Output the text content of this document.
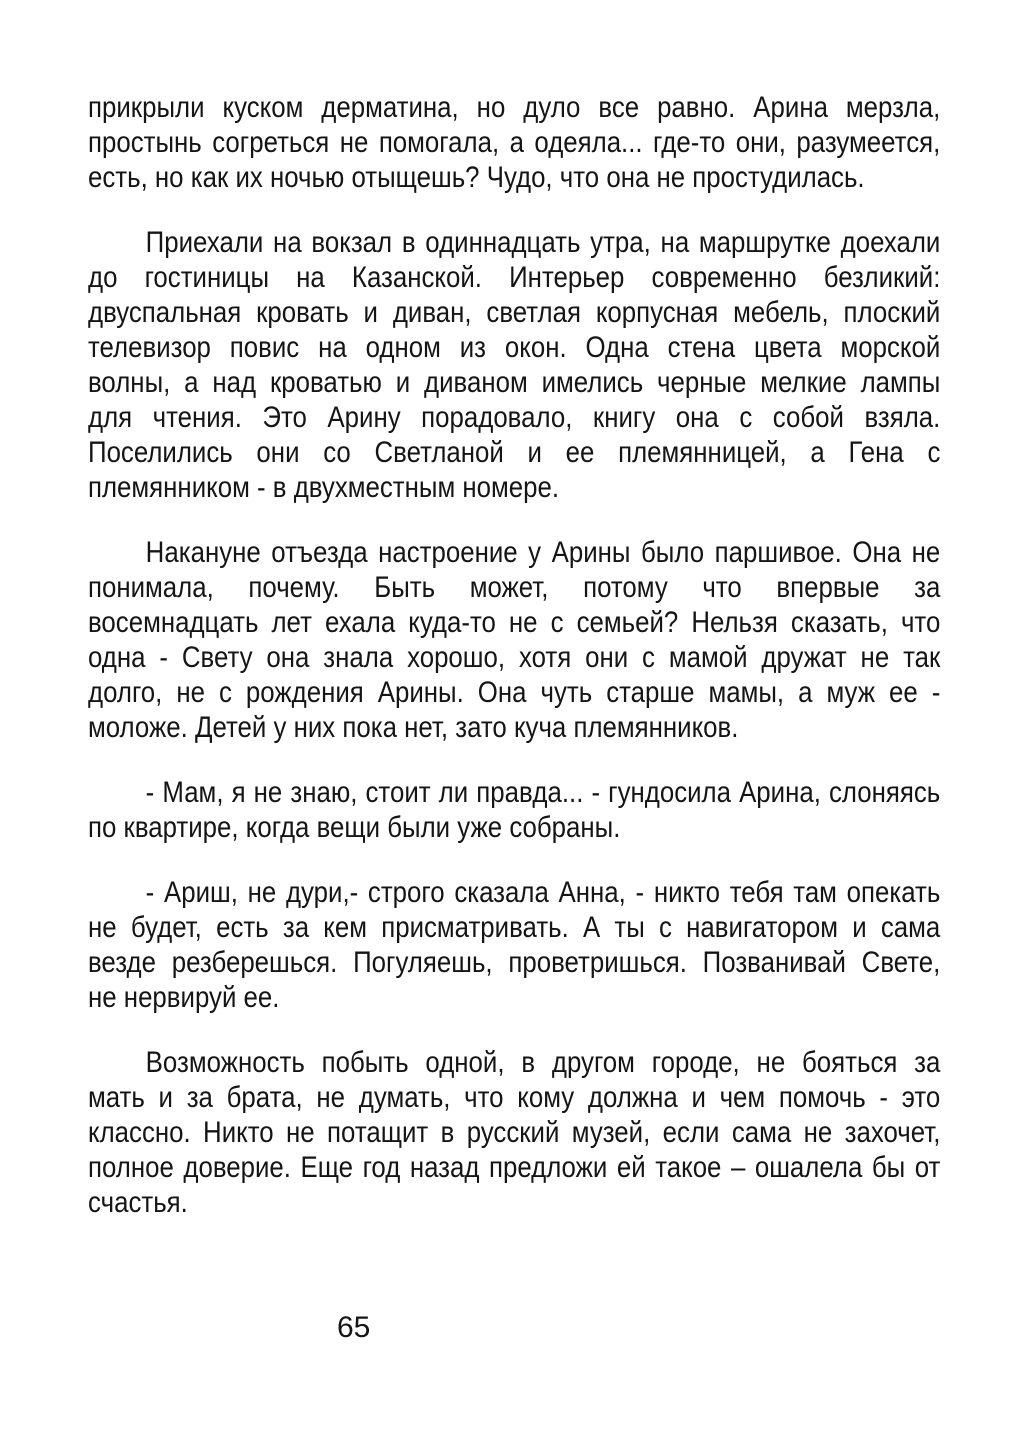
прикрыли куском дерматина, но дуло все равно. Арина мерзла,
простынь согреться не помогала, а одеяла... где-то они, разумеется,
есть, но как их ночью отыщешь? Чудо, что она не простудилась.
Приехали на вокзал в одиннадцать утра, на маршрутке доехали
до гостиницы на Казанской. Интерьер современно безликий:
двуспальная кровать и диван, светлая корпусная мебель, плоский
телевизор повис на одном из окон. Одна стена цвета морской
волны, а над кроватью и диваном имелись черные мелкие лампы
для чтения. Это Арину порадовало, книгу она с собой взяла.
Поселились они со Светланой и ее племянницей, а Гена с
племянником - в двухместным номере.
Накануне отъезда настроение у Арины было паршивое. Она не
понимала, почему. Быть может, потому что впервые за
восемнадцать лет ехала куда-то не с семьей? Нельзя сказать, что
одна - Свету она знала хорошо, хотя они с мамой дружат не так
долго, не с рождения Арины. Она чуть старше мамы, а муж ее -
моложе. Детей у них пока нет, зато куча племянников.
- Мам, я не знаю, стоит ли правда... - гундосила Арина, слоняясь
по квартире, когда вещи были уже собраны.
- Ариш, не дури,- строго сказала Анна, - никто тебя там опекать
не будет, есть за кем присматривать. А ты с навигатором и сама
везде резберешься. Погуляешь, проветришься. Позванивай Свете,
не нервируй ее.
Возможность побыть одной, в другом городе, не бояться за
мать и за брата, не думать, что кому должна и чем помочь - это
классно. Никто не потащит в русский музей, если сама не захочет,
полное доверие. Еще год назад предложи ей такое – ошалела бы от
счастья.
65
